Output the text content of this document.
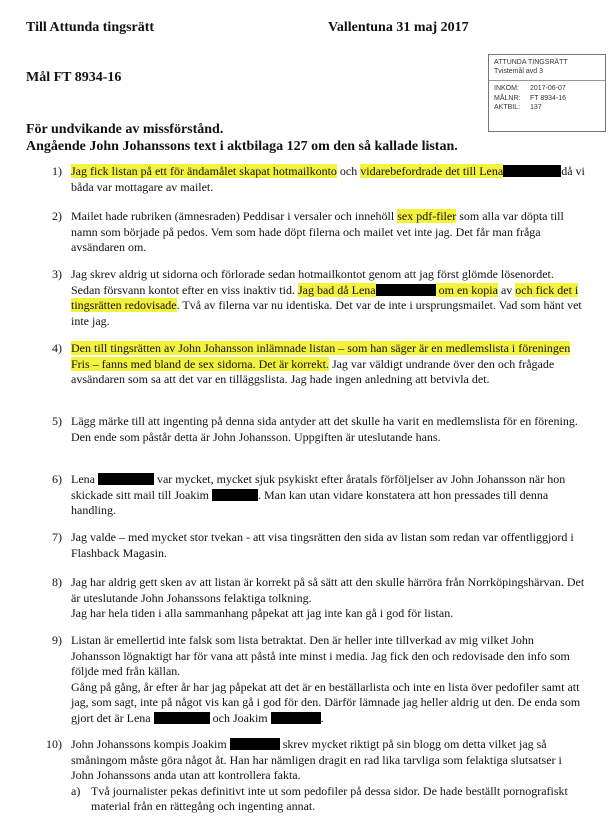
Till Attunda tingsrätt	Vallentuna 31 maj 2017
Mål FT 8934-16
ATTUNDA TINGSRÄTT
Tvistemål avd 3
INKOM:	2017-06-07
MÅLNR:	FT 8934-16
AKTBIL:	137
För undvikande av missförstånd.
Angående John Johanssons text i aktbilaga 127 om den så kallade listan.
1) Jag fick listan på ett för ändamålet skapat hotmailkonto och vidarebefordrade det till Lena	då vi båda var mottagare av mailet.
2) Mailet hade rubriken (ämnesraden) Peddisar i versaler och innehöll sex pdf-filer som alla var döpta till namn som började på pedos. Vem som hade döpt filerna och mailet vet inte jag. Det får man fråga avsändaren om.
3) Jag skrev aldrig ut sidorna och förlorade sedan hotmailkontot genom att jag först glömde lösenordet. Sedan försvann kontot efter en viss inaktiv tid. Jag bad då Lena	om en kopia av och fick det i tingsrätten redovisade. Två av filerna var nu identiska. Det var de inte i ursprungsmailet. Vad som hänt vet inte jag.
4) Den till tingsrätten av John Johansson inlämnade listan – som han säger är en medlemslista i föreningen Fris – fanns med bland de sex sidorna. Det är korrekt. Jag var väldigt undrande över den och frågade avsändaren som sa att det var en tilläggslista. Jag hade ingen anledning att betvivla det.
5) Lägg märke till att ingenting på denna sida antyder att det skulle ha varit en medlemslista för en förening. Den ende som påstår detta är John Johansson. Uppgiften är uteslutande hans.
6) Lena	var mycket, mycket sjuk psykiskt efter åratals förföljelser av John Johansson när hon skickade sitt mail till Joakim	. Man kan utan vidare konstatera att hon pressades till denna handling.
7) Jag valde – med mycket stor tvekan - att visa tingsrätten den sida av listan som redan var offentliggjord i Flashback Magasin.
8) Jag har aldrig gett sken av att listan är korrekt på så sätt att den skulle härröra från Norrköpingshärvan. Det är uteslutande John Johanssons felaktiga tolkning.
Jag har hela tiden i alla sammanhang påpekat att jag inte kan gå i god för listan.
9) Listan är emellertid inte falsk som lista betraktat. Den är heller inte tillverkad av mig vilket John Johansson lögnaktigt har för vana att påstå inte minst i media. Jag fick den och redovisade den info som följde med från källan.
Gång på gång, år efter år har jag påpekat att det är en beställarlista och inte en lista över pedofiler samt att jag, som sagt, inte på något vis kan gå i god för den. Därför lämnade jag heller aldrig ut den. De enda som gjort det är Lena	och Joakim	.
10) John Johanssons kompis Joakim	skrev mycket riktigt på sin blogg om detta vilket jag så småningom måste göra något åt. Han har nämligen dragit en rad lika tarvliga som felaktiga slutsatser i John Johanssons anda utan att kontrollera fakta.
a) Två journalister pekas definitivt inte ut som pedofiler på dessa sidor. De hade beställt pornografiskt material från en rättegång och ingenting annat.
